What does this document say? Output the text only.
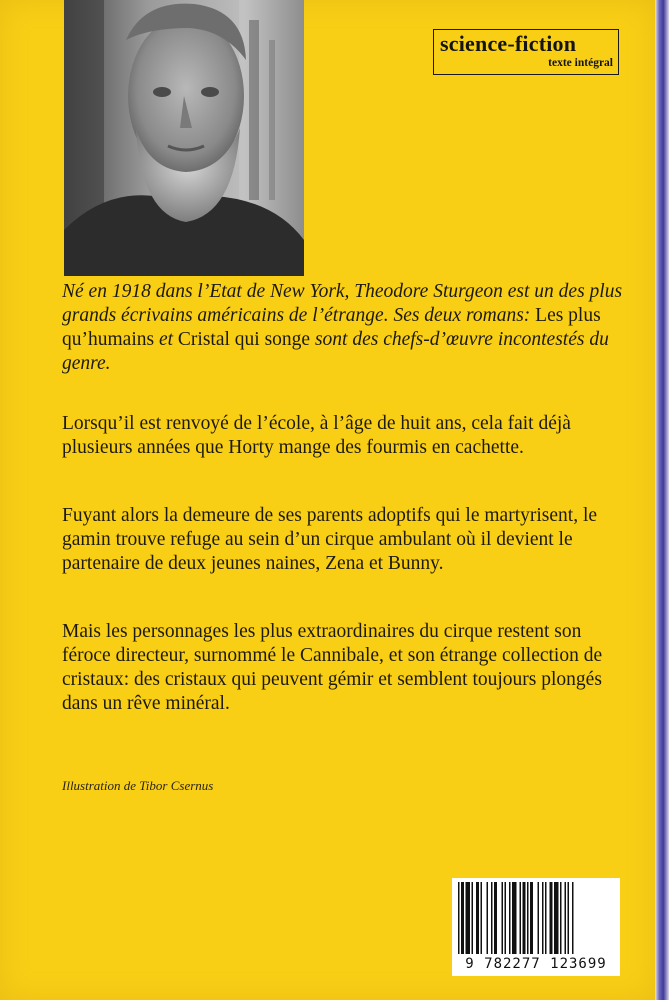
science-fiction
texte intégral
Né en 1918 dans l’Etat de New York, Theodore Sturgeon est un des plus grands écrivains américains de l’étrange. Ses deux romans: Les plus qu’humains et Cristal qui songe sont des chefs-d’œuvre incontestés du genre.
Lorsqu’il est renvoyé de l’école, à l’âge de huit ans, cela fait déjà plusieurs années que Horty mange des fourmis en cachette.
Fuyant alors la demeure de ses parents adoptifs qui le martyrisent, le gamin trouve refuge au sein d’un cirque ambulant où il devient le partenaire de deux jeunes naines, Zena et Bunny.
Mais les personnages les plus extraordinaires du cirque restent son féroce directeur, surnommé le Cannibale, et son étrange collection de cristaux: des cristaux qui peuvent gémir et semblent toujours plongés dans un rêve minéral.
Illustration de Tibor Csernus
9 782277 123699
